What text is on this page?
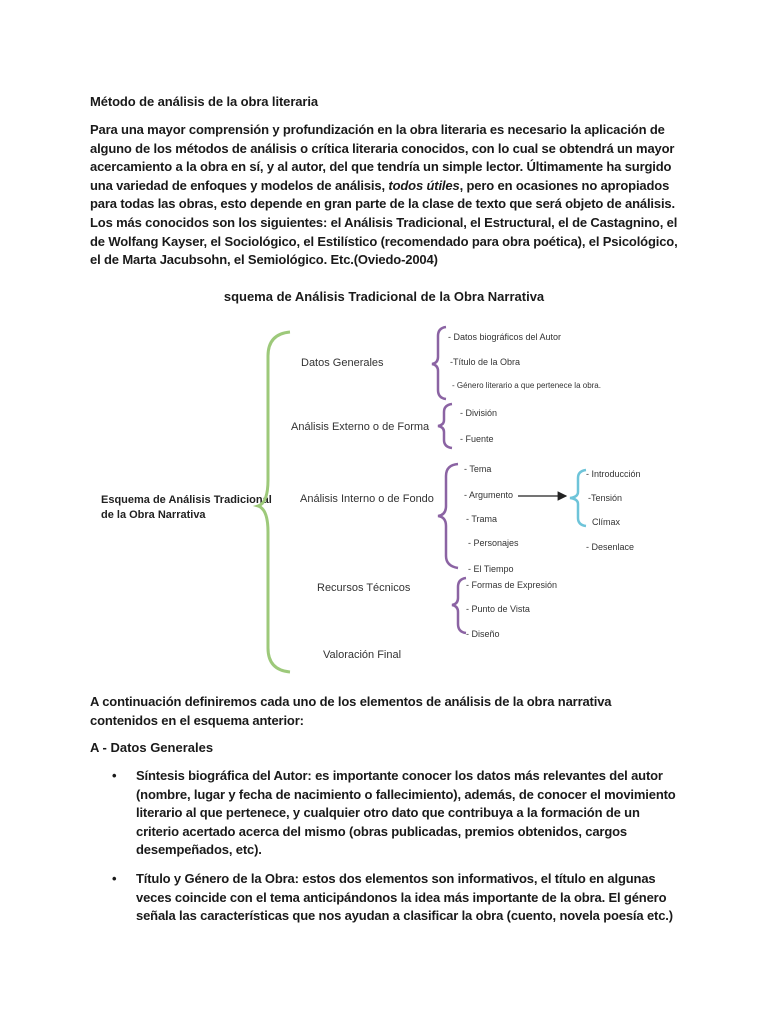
Método de análisis de la obra literaria

Para una mayor comprensión y profundización en la obra literaria es necesario la aplicación de alguno de los métodos de análisis o crítica literaria conocidos, con lo cual se obtendrá un mayor acercamiento a la obra en sí, y al autor, del que tendría un simple lector. Últimamente ha surgido una variedad de enfoques y modelos de análisis, todos útiles, pero en ocasiones no apropiados para todas las obras, esto depende en gran parte de la clase de texto que será objeto de análisis. Los más conocidos son los siguientes: el Análisis Tradicional, el Estructural, el de Castagnino, el de Wolfang Kayser, el Sociológico, el Estilístico (recomendado para obra poética), el Psicológico, el de Marta Jacubsohn, el Semiológico. Etc.(Oviedo-2004)

squema de Análisis Tradicional de la Obra Narrativa
Esquema de Análisis Tradicional
de la Obra Narrativa
Datos Generales
Análisis Externo o de Forma
Análisis Interno o de Fondo
Recursos Técnicos
Valoración Final
- Datos biográficos del Autor
-Título de la Obra
- Género literario a que pertenece la obra.
- División
- Fuente
- Tema
- Argumento
- Trama
- Personajes
- El Tiempo
- Introducción
-Tensión
Clímax
- Desenlace
- Formas de Expresión
- Punto de Vista
- Diseño

A continuación definiremos cada uno de los elementos de análisis de la obra narrativa contenidos en el esquema anterior:

A - Datos Generales
• Síntesis biográfica del Autor: es importante conocer los datos más relevantes del autor (nombre, lugar y fecha de nacimiento o fallecimiento), además, de conocer el movimiento literario al que pertenece, y cualquier otro dato que contribuya a la formación de un criterio acertado acerca del mismo (obras publicadas, premios obtenidos, cargos desempeñados, etc).
• Título y Género de la Obra: estos dos elementos son informativos, el título en algunas veces coincide con el tema anticipándonos la idea más importante de la obra. El género señala las características que nos ayudan a clasificar la obra (cuento, novela poesía etc.)
